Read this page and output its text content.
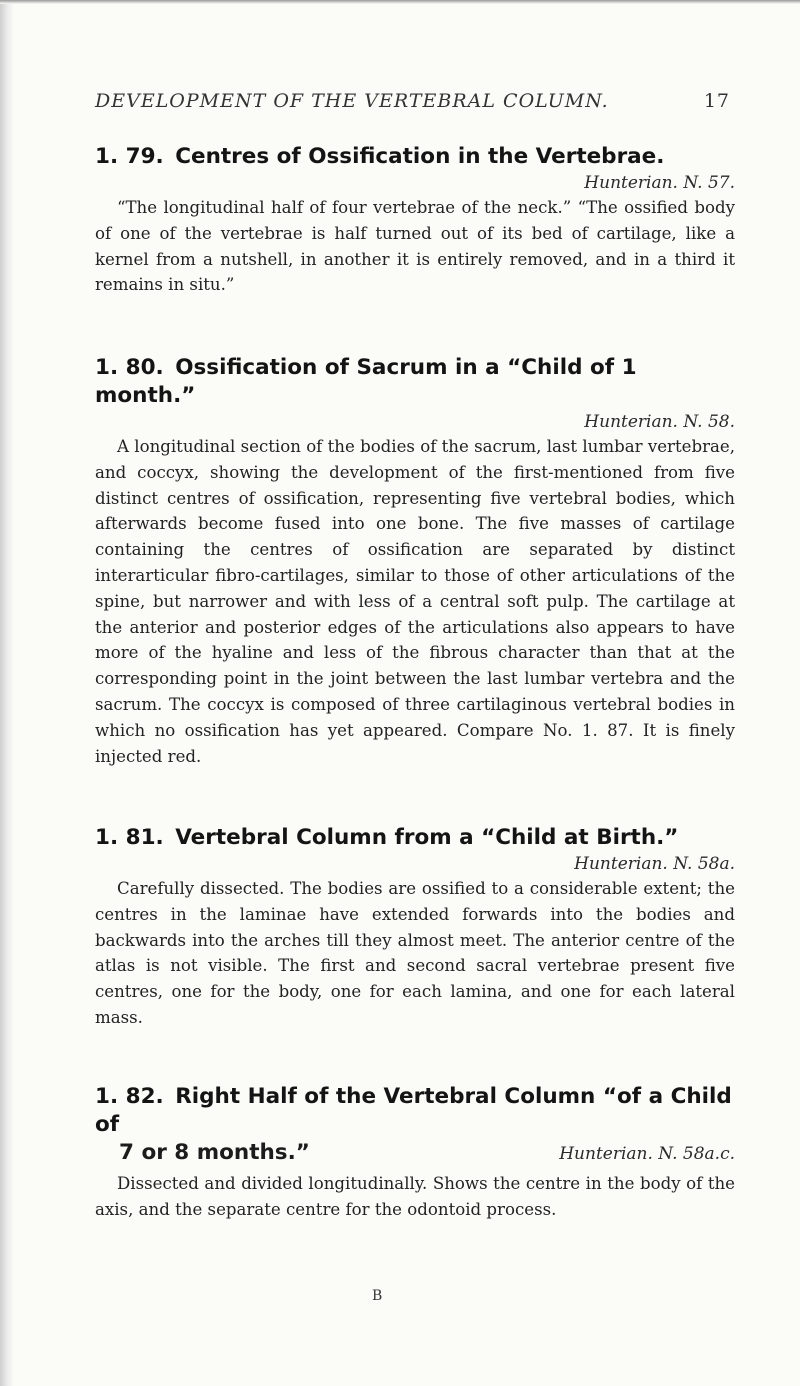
DEVELOPMENT OF THE VERTEBRAL COLUMN.	17
1. 79. Centres of Ossification in the Vertebrae.
Hunterian. N. 57.
“The longitudinal half of four vertebrae of the neck.” “The ossified body of one of the vertebrae is half turned out of its bed of cartilage, like a kernel from a nutshell, in another it is entirely removed, and in a third it remains in situ.”
1. 80. Ossification of Sacrum in a “Child of 1 month.”
Hunterian. N. 58.
A longitudinal section of the bodies of the sacrum, last lumbar vertebrae, and coccyx, showing the development of the first-mentioned from five distinct centres of ossification, representing five vertebral bodies, which afterwards become fused into one bone. The five masses of cartilage containing the centres of ossification are separated by distinct interarticular fibro-cartilages, similar to those of other articulations of the spine, but narrower and with less of a central soft pulp. The cartilage at the anterior and posterior edges of the articulations also appears to have more of the hyaline and less of the fibrous character than that at the corresponding point in the joint between the last lumbar vertebra and the sacrum. The coccyx is composed of three cartilaginous vertebral bodies in which no ossification has yet appeared. Compare No. 1. 87. It is finely injected red.
1. 81. Vertebral Column from a “Child at Birth.”
Hunterian. N. 58a.
Carefully dissected. The bodies are ossified to a considerable extent; the centres in the laminae have extended forwards into the bodies and backwards into the arches till they almost meet. The anterior centre of the atlas is not visible. The first and second sacral vertebrae present five centres, one for the body, one for each lamina, and one for each lateral mass.
1. 82. Right Half of the Vertebral Column “of a Child of
7 or 8 months.”	Hunterian. N. 58a.c.
Dissected and divided longitudinally. Shows the centre in the body of the axis, and the separate centre for the odontoid process.
B
